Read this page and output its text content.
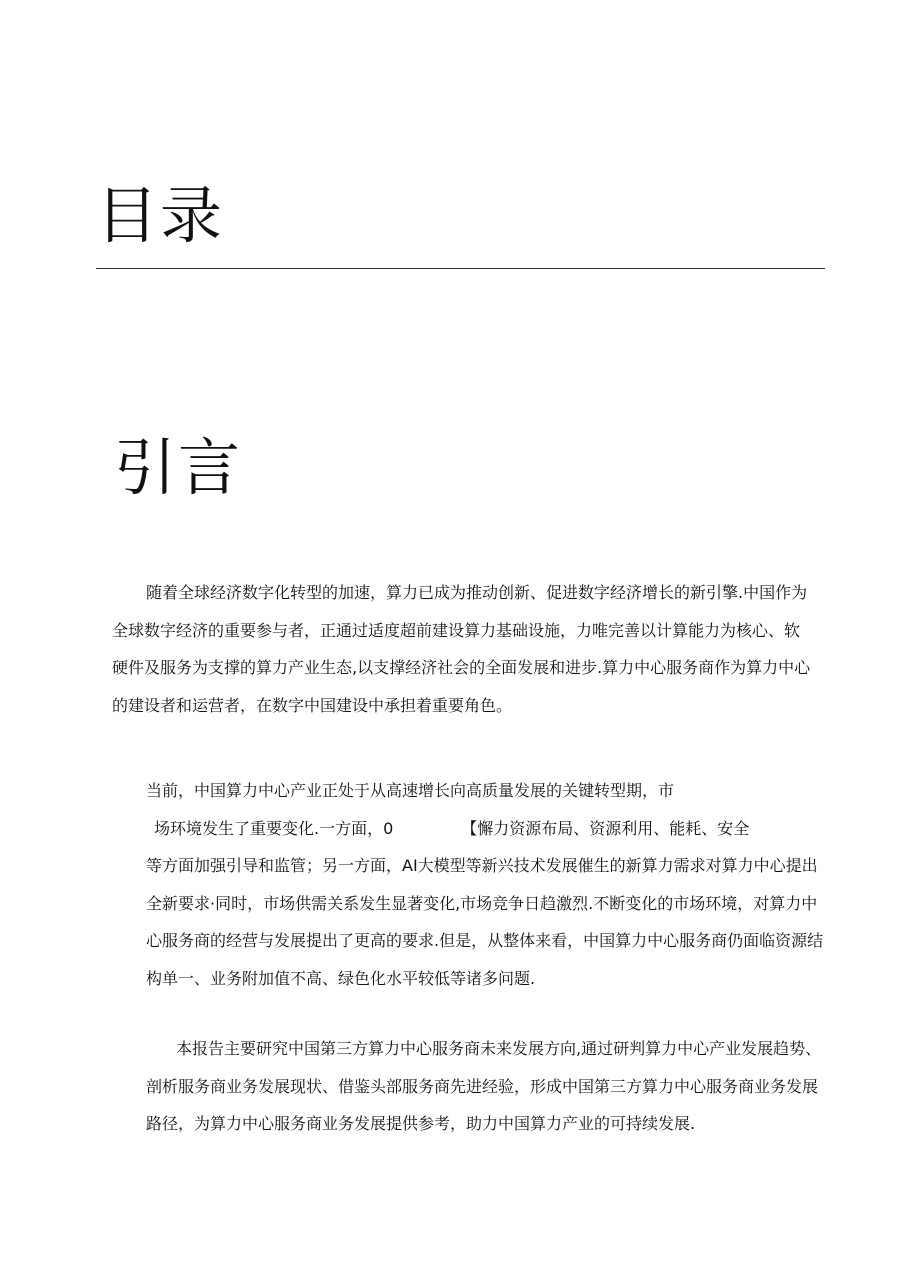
目录
引言
随着全球经济数字化转型的加速，算力已成为推动创新、促进数字经济增长的新引擎.中国作为
全球数字经济的重要参与者，正通过适度超前建设算力基础设施，力唯完善以计算能力为核心、软
硬件及服务为支撑的算力产业生态,以支撑经济社会的全面发展和进步.算力中心服务商作为算力中心
的建设者和运营者，在数字中国建设中承担着重要角色。
当前，中国算力中心产业正处于从高速增长向高质量发展的关键转型期，市
场环境发生了重要变化.一方面，0	【懈力资源布局、资源利用、能耗、安全
等方面加强引导和监管；另一方面，AI大模型等新兴技术发展催生的新算力需求对算力中心提出
全新要求·同时，市场供需关系发生显著变化,市场竞争日趋激烈.不断变化的市场环境，对算力中
心服务商的经营与发展提出了更高的要求.但是，从整体来看，中国算力中心服务商仍面临资源结
构单一、业务附加值不高、绿色化水平较低等诸多问题.
本报告主要研究中国第三方算力中心服务商未来发展方向,通过研判算力中心产业发展趋势、
剖析服务商业务发展现状、借鉴头部服务商先进经验，形成中国第三方算力中心服务商业务发展
路径，为算力中心服务商业务发展提供参考，助力中国算力产业的可持续发展.
